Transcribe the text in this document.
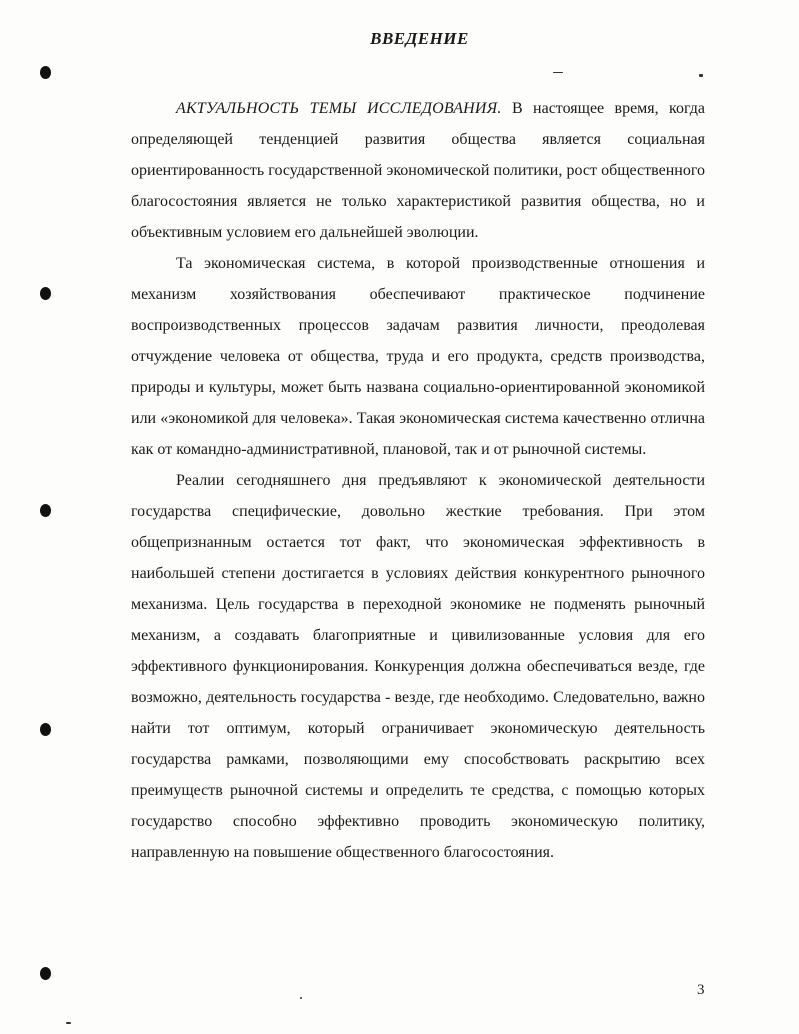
ВВЕДЕНИЕ

АКТУАЛЬНОСТЬ ТЕМЫ ИССЛЕДОВАНИЯ. В настоящее время, когда определяющей тенденцией развития общества является социальная ориентированность государственной экономической политики, рост общественного благосостояния является не только характеристикой развития общества, но и объективным условием его дальнейшей эволюции.

Та экономическая система, в которой производственные отношения и механизм хозяйствования обеспечивают практическое подчинение воспроизводственных процессов задачам развития личности, преодолевая отчуждение человека от общества, труда и его продукта, средств производства, природы и культуры, может быть названа социально-ориентированной экономикой или «экономикой для человека». Такая экономическая система качественно отлична как от командно-административной, плановой, так и от рыночной системы.

Реалии сегодняшнего дня предъявляют к экономической деятельности государства специфические, довольно жесткие требования. При этом общепризнанным остается тот факт, что экономическая эффективность в наибольшей степени достигается в условиях действия конкурентного рыночного механизма. Цель государства в переходной экономике не подменять рыночный механизм, а создавать благоприятные и цивилизованные условия для его эффективного функционирования. Конкуренция должна обеспечиваться везде, где возможно, деятельность государства - везде, где необходимо. Следовательно, важно найти тот оптимум, который ограничивает экономическую деятельность государства рамками, позволяющими ему способствовать раскрытию всех преимуществ рыночной системы и определить те средства, с помощью которых государство способно эффективно проводить экономическую политику, направленную на повышение общественного благосостояния.

3
